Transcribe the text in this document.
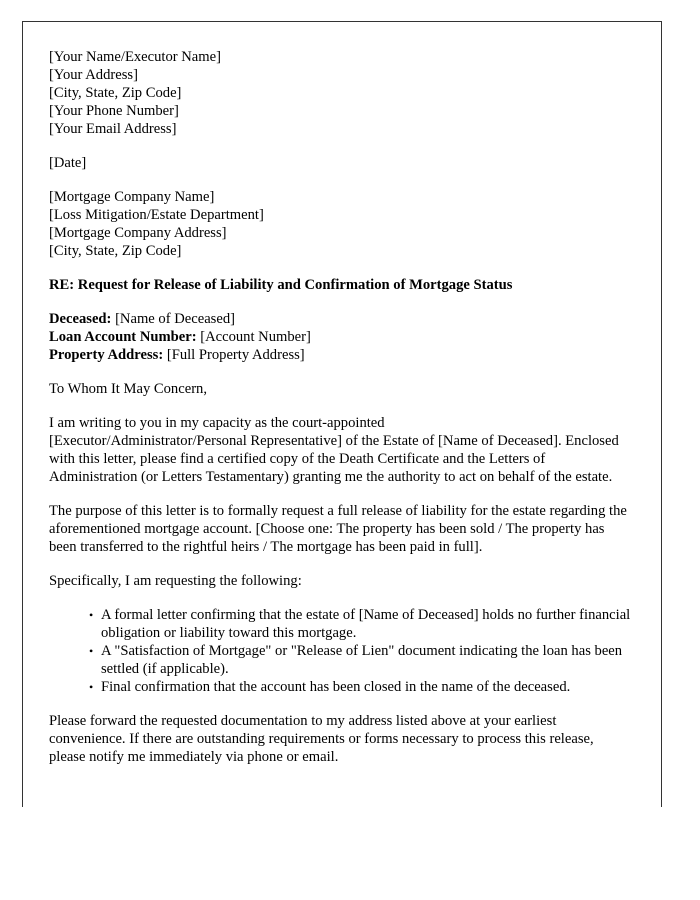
[Your Name/Executor Name]
[Your Address]
[City, State, Zip Code]
[Your Phone Number]
[Your Email Address]
[Date]
[Mortgage Company Name]
[Loss Mitigation/Estate Department]
[Mortgage Company Address]
[City, State, Zip Code]
RE: Request for Release of Liability and Confirmation of Mortgage Status
Deceased: [Name of Deceased]
Loan Account Number: [Account Number]
Property Address: [Full Property Address]
To Whom It May Concern,
I am writing to you in my capacity as the court-appointed
[Executor/Administrator/Personal Representative] of the Estate of [Name of Deceased]. Enclosed with this letter, please find a certified copy of the Death Certificate and the Letters of Administration (or Letters Testamentary) granting me the authority to act on behalf of the estate.
The purpose of this letter is to formally request a full release of liability for the estate regarding the aforementioned mortgage account. [Choose one: The property has been sold / The property has been transferred to the rightful heirs / The mortgage has been paid in full].
Specifically, I am requesting the following:
• A formal letter confirming that the estate of [Name of Deceased] holds no further financial obligation or liability toward this mortgage.
• A "Satisfaction of Mortgage" or "Release of Lien" document indicating the loan has been settled (if applicable).
• Final confirmation that the account has been closed in the name of the deceased.
Please forward the requested documentation to my address listed above at your earliest convenience. If there are outstanding requirements or forms necessary to process this release, please notify me immediately via phone or email.
